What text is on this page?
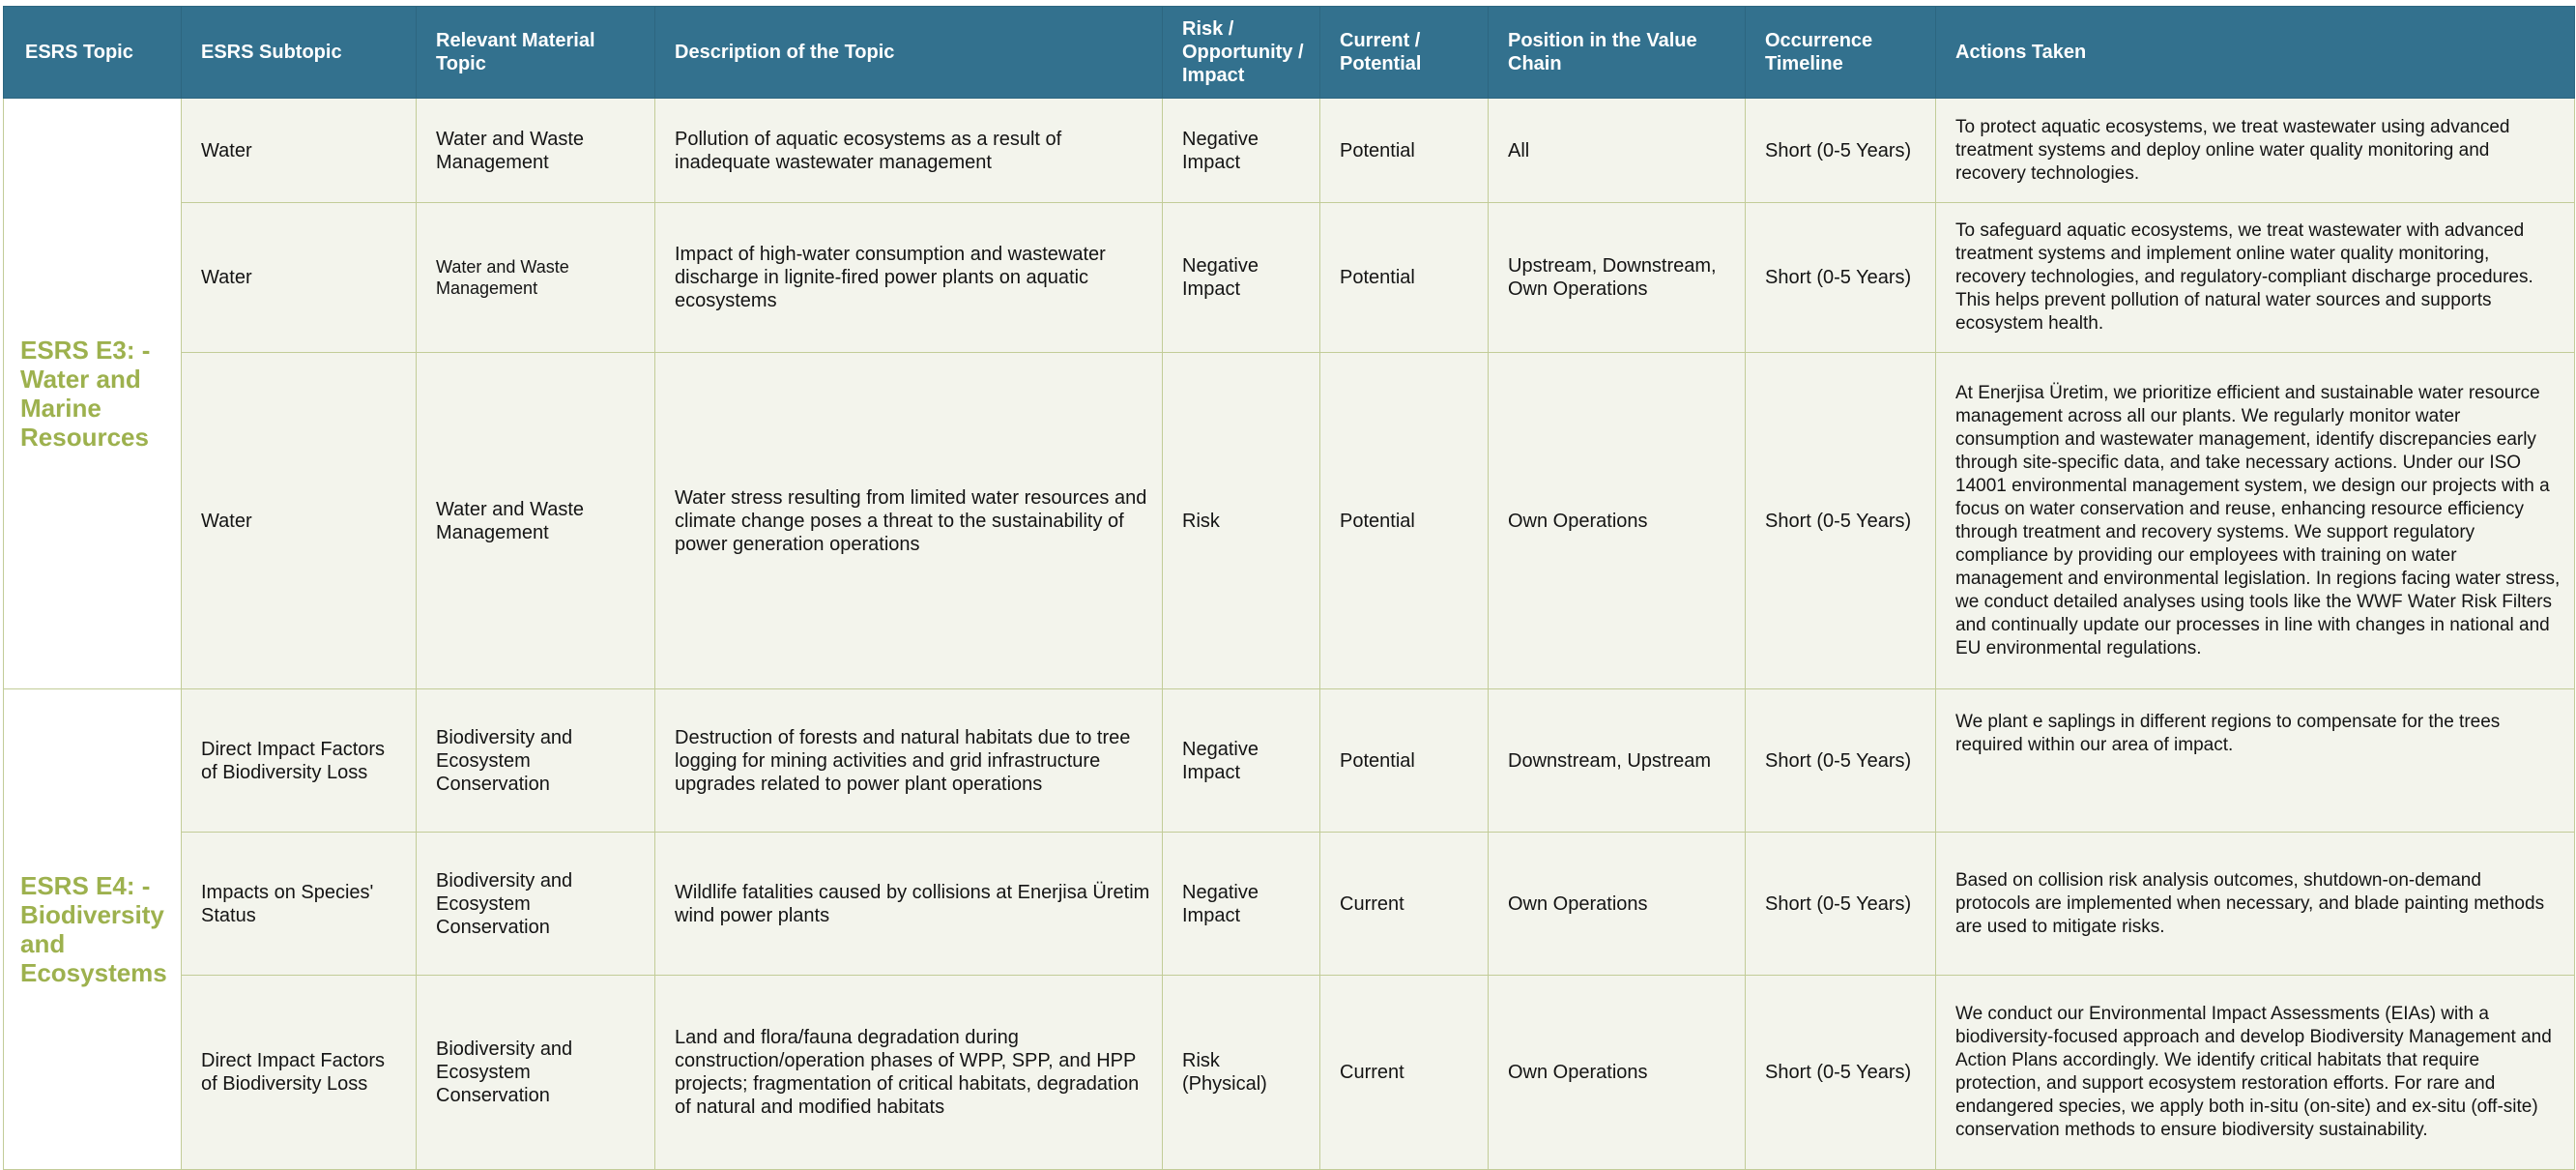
ESRS Topic	ESRS Subtopic	Relevant Material Topic	Description of the Topic	Risk / Opportunity / Impact	Current / Potential	Position in the Value Chain	Occurrence Timeline	Actions Taken
ESRS E3: - Water and Marine Resources	Water	Water and Waste Management	Pollution of aquatic ecosystems as a result of inadequate wastewater management	Negative Impact	Potential	All	Short (0-5 Years)	To protect aquatic ecosystems, we treat wastewater using advanced treatment systems and deploy online water quality monitoring and recovery technologies.
	Water	Water and Waste Management	Impact of high-water consumption and wastewater discharge in lignite-fired power plants on aquatic ecosystems	Negative Impact	Potential	Upstream, Downstream, Own Operations	Short (0-5 Years)	To safeguard aquatic ecosystems, we treat wastewater with advanced treatment systems and implement online water quality monitoring, recovery technologies, and regulatory-compliant discharge procedures. This helps prevent pollution of natural water sources and supports ecosystem health.
	Water	Water and Waste Management	Water stress resulting from limited water resources and climate change poses a threat to the sustainability of power generation operations	Risk	Potential	Own Operations	Short (0-5 Years)	At Enerjisa Üretim, we prioritize efficient and sustainable water resource management across all our plants. We regularly monitor water consumption and wastewater management, identify discrepancies early through site-specific data, and take necessary actions. Under our ISO 14001 environmental management system, we design our projects with a focus on water conservation and reuse, enhancing resource efficiency through treatment and recovery systems. We support regulatory compliance by providing our employees with training on water management and environmental legislation. In regions facing water stress, we conduct detailed analyses using tools like the WWF Water Risk Filters and continually update our processes in line with changes in national and EU environmental regulations.
ESRS E4: - Biodiversity and Ecosystems	Direct Impact Factors of Biodiversity Loss	Biodiversity and Ecosystem Conservation	Destruction of forests and natural habitats due to tree logging for mining activities and grid infrastructure upgrades related to power plant operations	Negative Impact	Potential	Downstream, Upstream	Short (0-5 Years)	We plant e saplings in different regions to compensate for the trees required within our area of impact.
	Impacts on Species' Status	Biodiversity and Ecosystem Conservation	Wildlife fatalities caused by collisions at Enerjisa Üretim wind power plants	Negative Impact	Current	Own Operations	Short (0-5 Years)	Based on collision risk analysis outcomes, shutdown-on-demand protocols are implemented when necessary, and blade painting methods are used to mitigate risks.
	Direct Impact Factors of Biodiversity Loss	Biodiversity and Ecosystem Conservation	Land and flora/fauna degradation during construction/operation phases of WPP, SPP, and HPP projects; fragmentation of critical habitats, degradation of natural and modified habitats	Risk (Physical)	Current	Own Operations	Short (0-5 Years)	We conduct our Environmental Impact Assessments (EIAs) with a biodiversity-focused approach and develop Biodiversity Management and Action Plans accordingly. We identify critical habitats that require protection, and support ecosystem restoration efforts. For rare and endangered species, we apply both in-situ (on-site) and ex-situ (off-site) conservation methods to ensure biodiversity sustainability.
